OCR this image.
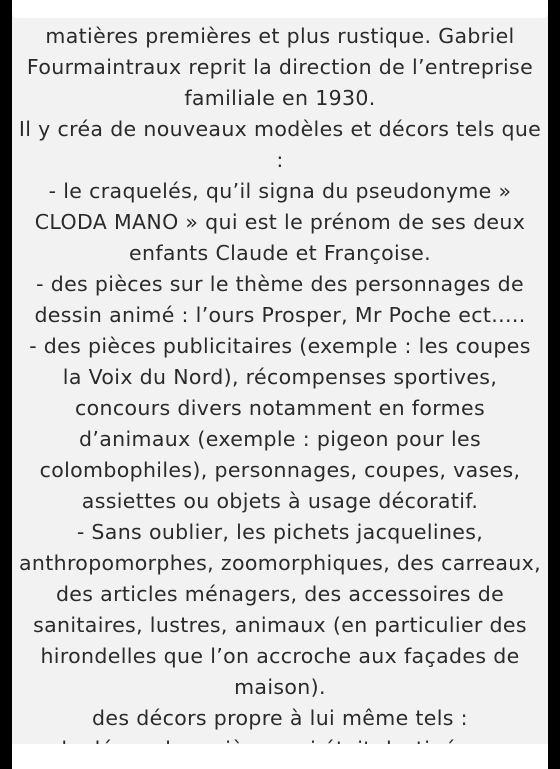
matières premières et plus rustique. Gabriel Fourmaintraux reprit la direction de l’entreprise familiale en 1930.

Il y créa de nouveaux modèles et décors tels que :

- le craquelés, qu’il signa du pseudonyme » CLODA MANO » qui est le prénom de ses deux enfants Claude et Françoise.

- des pièces sur le thème des personnages de dessin animé : l’ours Prosper, Mr Poche ect.....

- des pièces publicitaires (exemple : les coupes la Voix du Nord), récompenses sportives, concours divers notamment en formes d’animaux (exemple : pigeon pour les colombophiles), personnages, coupes, vases, assiettes ou objets à usage décoratif.

- Sans oublier, les pichets jacquelines, anthropomorphes, zoomorphiques, des carreaux, des articles ménagers, des accessoires de sanitaires, lustres, animaux (en particulier des hirondelles que l’on accroche aux façades de maison).

des décors propre à lui même tels :
